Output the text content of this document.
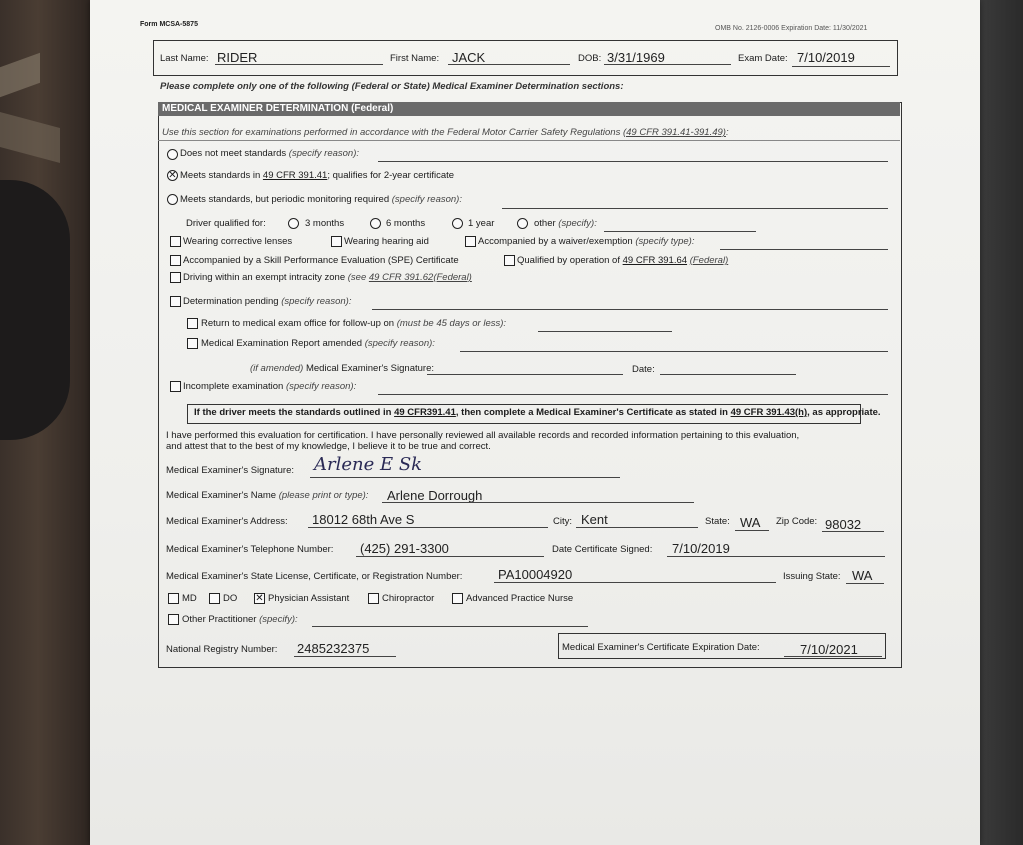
Form MCSA-5875
OMB No. 2126-0006 Expiration Date: 11/30/2021
Last Name: RIDER	First Name: JACK	DOB: 3/31/1969	Exam Date: 7/10/2019
Please complete only one of the following (Federal or State) Medical Examiner Determination sections:
MEDICAL EXAMINER DETERMINATION (Federal)
Use this section for examinations performed in accordance with the Federal Motor Carrier Safety Regulations (49 CFR 391.41-391.49):
Does not meet standards (specify reason):
✕ Meets standards in 49 CFR 391.41; qualifies for 2-year certificate
Meets standards, but periodic monitoring required (specify reason):
Driver qualified for:	3 months	6 months	1 year	other (specify):
Wearing corrective lenses	Wearing hearing aid	Accompanied by a waiver/exemption (specify type):
Accompanied by a Skill Performance Evaluation (SPE) Certificate	Qualified by operation of 49 CFR 391.64 (Federal)
Driving within an exempt intracity zone (see 49 CFR 391.62(Federal)
Determination pending (specify reason):
Return to medical exam office for follow-up on (must be 45 days or less):
Medical Examination Report amended (specify reason):
(if amended) Medical Examiner's Signature:	Date:
Incomplete examination (specify reason):
If the driver meets the standards outlined in 49 CFR391.41, then complete a Medical Examiner's Certificate as stated in 49 CFR 391.43(h), as appropriate.
I have performed this evaluation for certification. I have personally reviewed all available records and recorded information pertaining to this evaluation,
and attest that to the best of my knowledge, I believe it to be true and correct.
Medical Examiner's Signature: Arlene E Sk
Medical Examiner's Name (please print or type): Arlene Dorrough
Medical Examiner's Address: 18012 68th Ave S	City: Kent	State: WA Zip Code: 98032
Medical Examiner's Telephone Number: (425) 291-3300	Date Certificate Signed: 7/10/2019
Medical Examiner's State License, Certificate, or Registration Number:	PA10004920	Issuing State: WA
MD	DO ✕ Physician Assistant	Chiropractor	Advanced Practice Nurse
Other Practitioner (specify):
National Registry Number: 2485232375	Medical Examiner's Certificate Expiration Date:	7/10/2021
